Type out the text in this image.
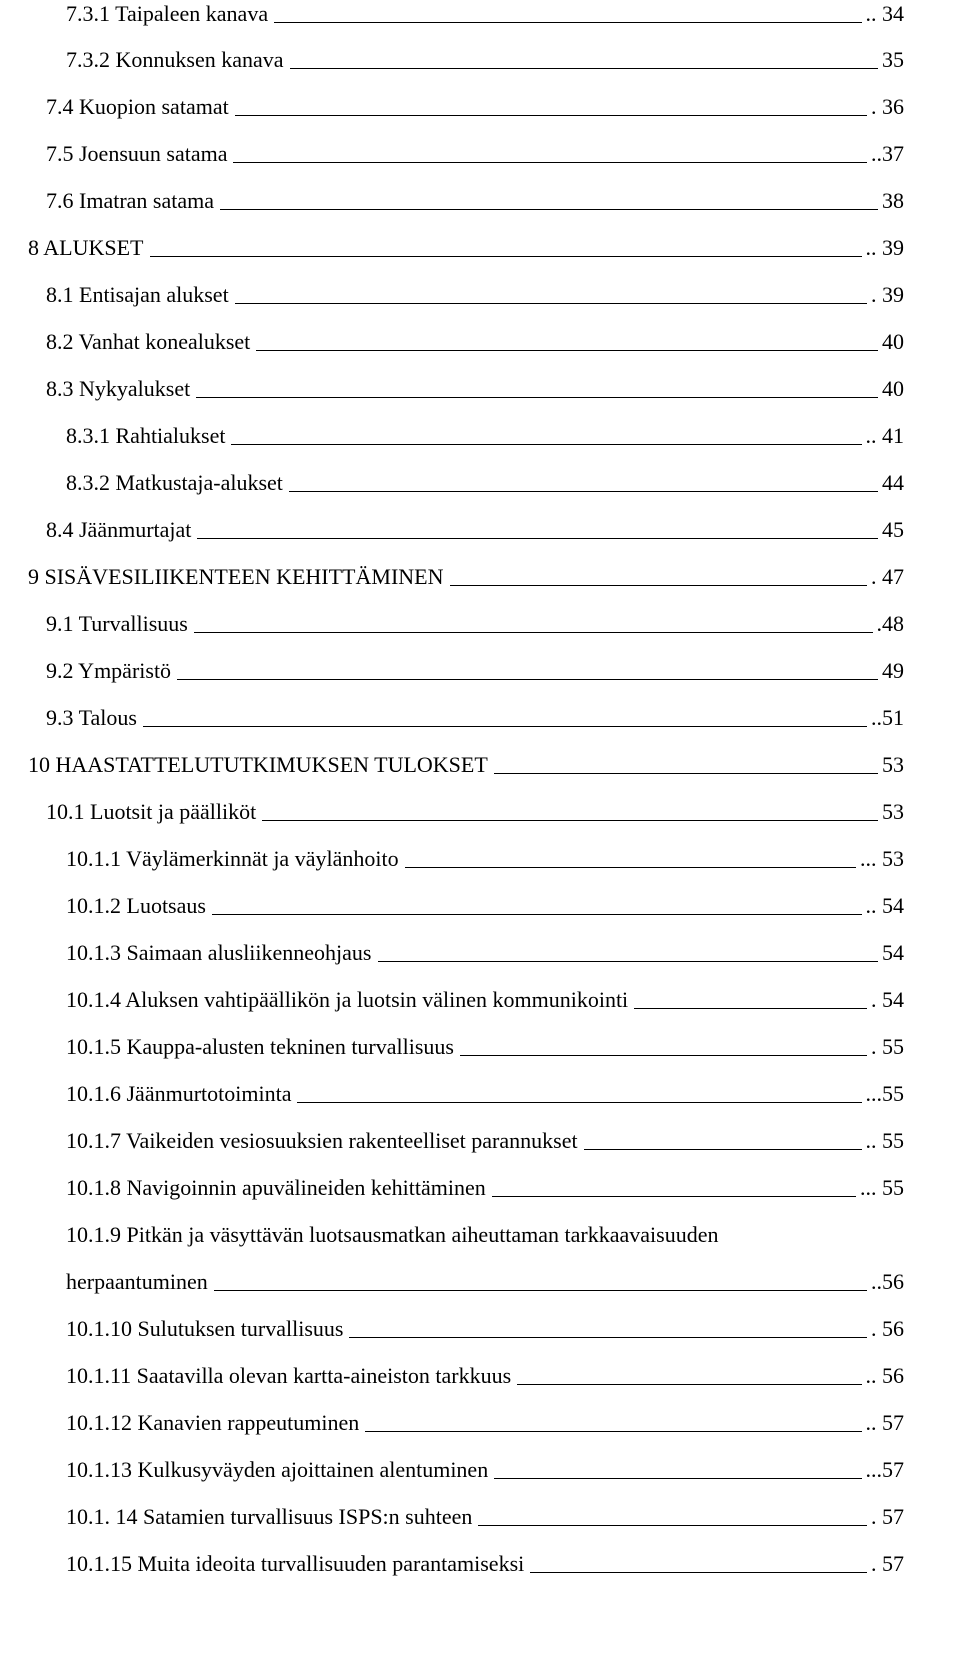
7.3.1 Taipaleen kanava	.. 34
7.3.2 Konnuksen kanava	35
7.4 Kuopion satamat	. 36
7.5 Joensuun satama	..37
7.6 Imatran satama	38
8 ALUKSET	.. 39
8.1 Entisajan alukset	. 39
8.2 Vanhat konealukset	40
8.3 Nykyalukset	40
8.3.1 Rahtialukset	.. 41
8.3.2 Matkustaja-alukset	44
8.4 Jäänmurtajat	45
9 SISÄVESILIIKENTEEN KEHITTÄMINEN	. 47
9.1 Turvallisuus	.48
9.2 Ympäristö	49
9.3 Talous	..51
10 HAASTATTELUTUTKIMUKSEN TULOKSET	53
10.1 Luotsit ja päälliköt	53
10.1.1 Väylämerkinnät ja väylänhoito	... 53
10.1.2 Luotsaus	.. 54
10.1.3 Saimaan alusliikenneohjaus	54
10.1.4 Aluksen vahtipäällikön ja luotsin välinen kommunikointi	. 54
10.1.5 Kauppa-alusten tekninen turvallisuus	. 55
10.1.6 Jäänmurtotoiminta	...55
10.1.7 Vaikeiden vesiosuuksien rakenteelliset parannukset	.. 55
10.1.8 Navigoinnin apuvälineiden kehittäminen	... 55
10.1.9 Pitkän ja väsyttävän luotsausmatkan aiheuttaman tarkkaavaisuuden
herpaantuminen	..56
10.1.10 Sulutuksen turvallisuus	. 56
10.1.11 Saatavilla olevan kartta-aineiston tarkkuus	.. 56
10.1.12 Kanavien rappeutuminen	.. 57
10.1.13 Kulkusyväyden ajoittainen alentuminen	...57
10.1. 14 Satamien turvallisuus ISPS:n suhteen	. 57
10.1.15 Muita ideoita turvallisuuden parantamiseksi	. 57
